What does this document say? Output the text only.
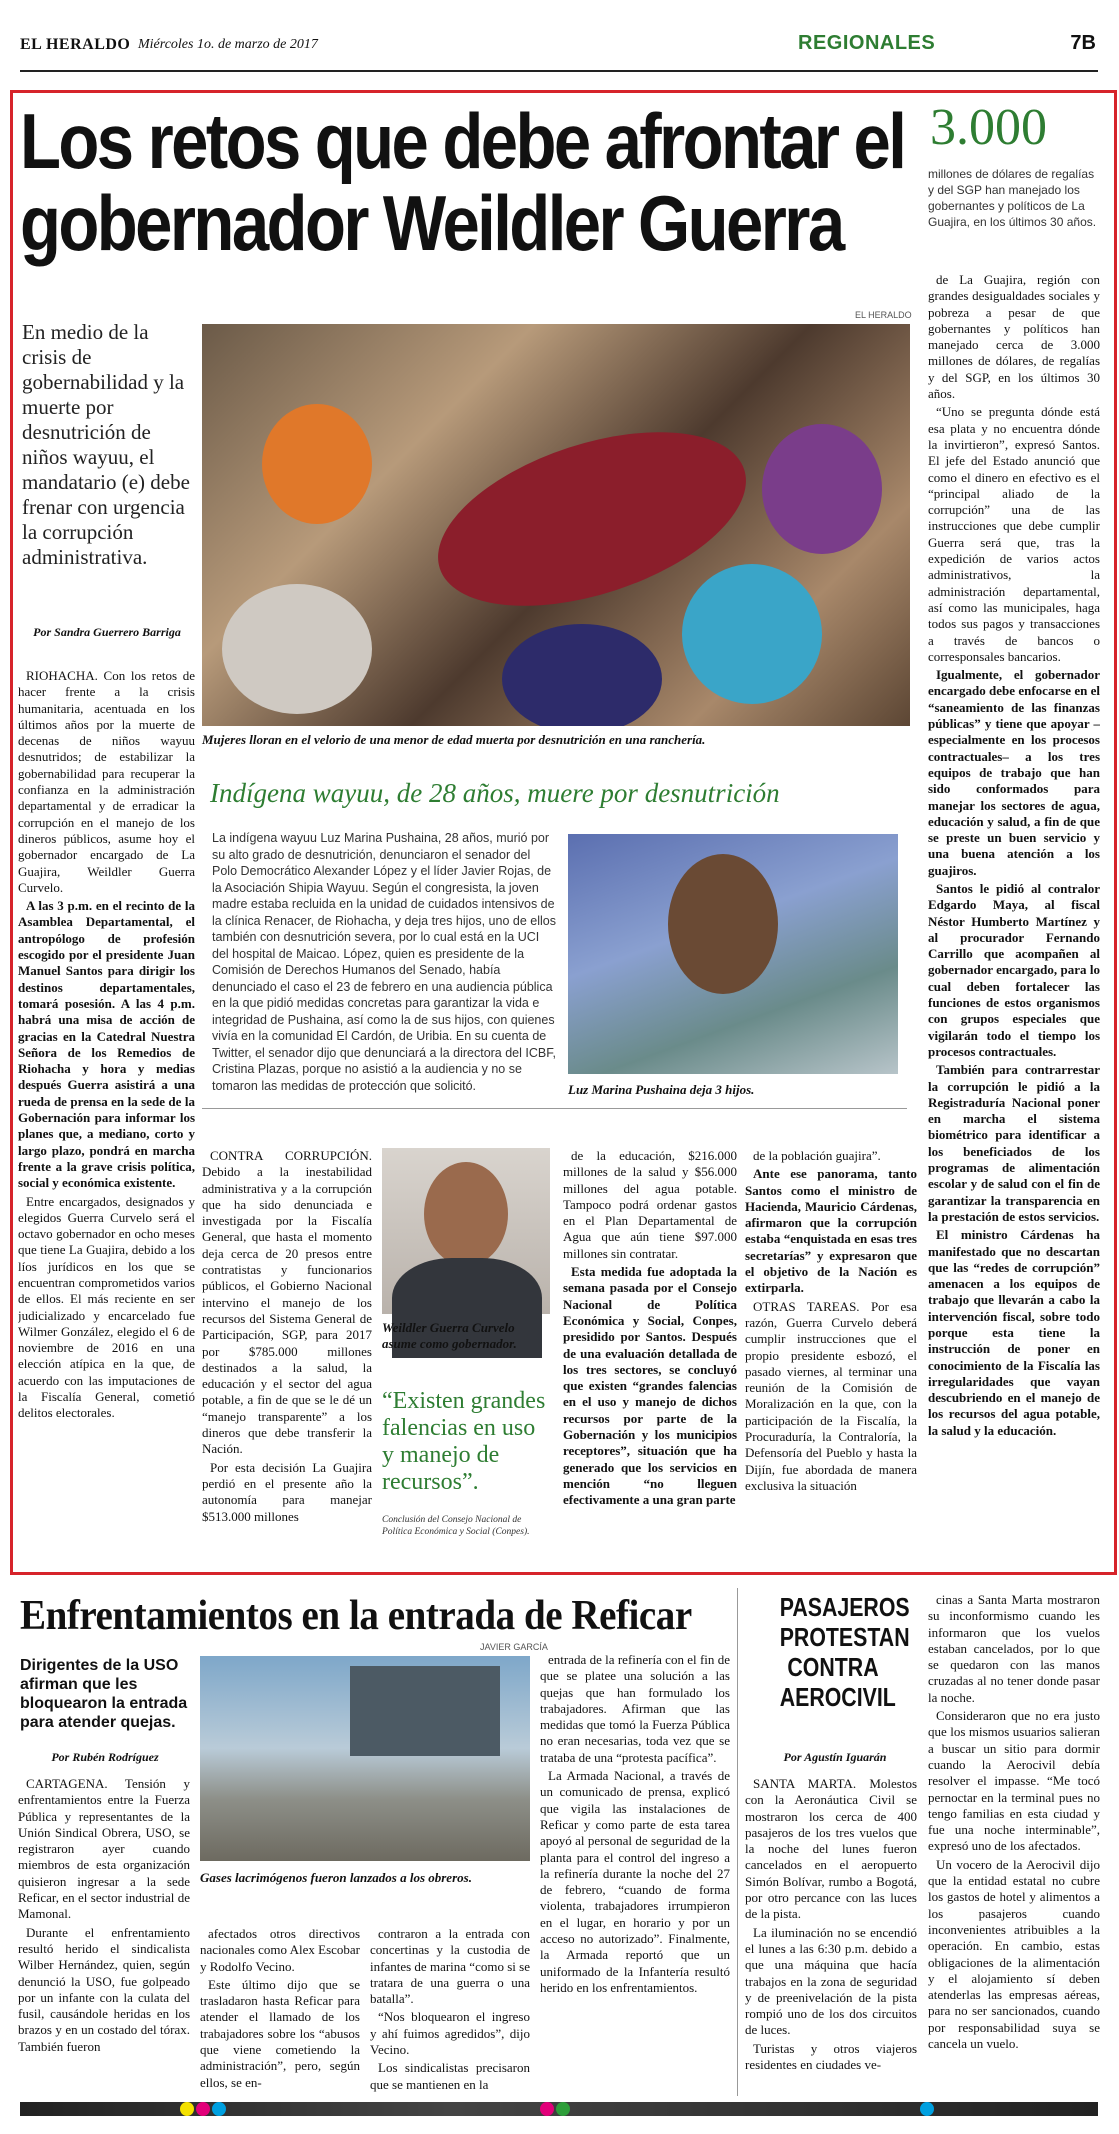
EL HERALDO Miércoles 1o. de marzo de 2017	REGIONALES	7B
Los retos que debe afrontar el gobernador Weildler Guerra
3.000
millones de dólares de regalías y del SGP han manejado los gobernantes y políticos de La Guajira, en los últimos 30 años.
En medio de la crisis de gobernabilidad y la muerte por desnutrición de niños wayuu, el mandatario (e) debe frenar con urgencia la corrupción administrativa.
Por Sandra Guerrero Barriga

RIOHACHA. Con los retos de hacer frente a la crisis humanitaria, acentuada en los últimos años por la muerte de decenas de niños wayuu desnutridos; de estabilizar la gobernabilidad para recuperar la confianza en la administración departamental y de erradicar la corrupción en el manejo de los dineros públicos, asume hoy el gobernador encargado de La Guajira, Weildler Guerra Curvelo.

A las 3 p.m. en el recinto de la Asamblea Departamental, el antropólogo de profesión escogido por el presidente Juan Manuel Santos para dirigir los destinos departamentales, tomará posesión. A las 4 p.m. habrá una misa de acción de gracias en la Catedral Nuestra Señora de los Remedios de Riohacha y hora y medias después Guerra asistirá a una rueda de prensa en la sede de la Gobernación para informar los planes que, a mediano, corto y largo plazo, pondrá en marcha frente a la grave crisis política, social y económica existente.

Entre encargados, designados y elegidos Guerra Curvelo será el octavo gobernador en ocho meses que tiene La Guajira, debido a los líos jurídicos en los que se encuentran comprometidos varios de ellos. El más reciente en ser judicializado y encarcelado fue Wilmer González, elegido el 6 de noviembre de 2016 en una elección atípica en la que, de acuerdo con las imputaciones de la Fiscalía General, cometió delitos electorales.

EL HERALDO
Mujeres lloran en el velorio de una menor de edad muerta por desnutrición en una ranchería.
Indígena wayuu, de 28 años, muere por desnutrición
La indígena wayuu Luz Marina Pushaina, 28 años, murió por su alto grado de desnutrición, denunciaron el senador del Polo Democrático Alexander López y el líder Javier Rojas, de la Asociación Shipia Wayuu. Según el congresista, la joven madre estaba recluida en la unidad de cuidados intensivos de la clínica Renacer, de Riohacha, y deja tres hijos, uno de ellos también con desnutrición severa, por lo cual está en la UCI del hospital de Maicao. López, quien es presidente de la Comisión de Derechos Humanos del Senado, había denunciado el caso el 23 de febrero en una audiencia pública en la que pidió medidas concretas para garantizar la vida e integridad de Pushaina, así como la de sus hijos, con quienes vivía en la comunidad El Cardón, de Uribia. En su cuenta de Twitter, el senador dijo que denunciará a la directora del ICBF, Cristina Plazas, porque no asistió a la audiencia y no se tomaron las medidas de protección que solicitó.	Luz Marina Pushaina deja 3 hijos.

CONTRA CORRUPCIÓN. Debido a la inestabilidad administrativa y a la corrupción que ha sido denunciada e investigada por la Fiscalía General, que hasta el momento deja cerca de 20 presos entre contratistas y funcionarios públicos, el Gobierno Nacional intervino el manejo de los recursos del Sistema General de Participación, SGP, para 2017 por $785.000 millones destinados a la salud, la educación y el sector del agua potable, a fin de que se le dé un “manejo transparente” a los dineros que debe transferir la Nación.

Por esta decisión La Guajira perdió en el presente año la autonomía para manejar $513.000 millones

Weildler Guerra Curvelo asume como gobernador.
“Existen grandes falencias en uso y manejo de recursos”.
Conclusión del Consejo Nacional de Política Económica y Social (Conpes).

de la educación, $216.000 millones de la salud y $56.000 millones del agua potable. Tampoco podrá ordenar gastos en el Plan Departamental de Agua que aún tiene $97.000 millones sin contratar.

Esta medida fue adoptada la semana pasada por el Consejo Nacional de Política Económica y Social, Conpes, presidido por Santos. Después de una evaluación detallada de los tres sectores, se concluyó que existen “grandes falencias en el uso y manejo de dichos recursos por parte de la Gobernación y los municipios receptores”, situación que ha generado que los servicios en mención “no lleguen efectivamente a una gran parte

de la población guajira”.

Ante ese panorama, tanto Santos como el ministro de Hacienda, Mauricio Cárdenas, afirmaron que la corrupción estaba “enquistada en esas tres secretarías” y expresaron que el objetivo de la Nación es extirparla.

OTRAS TAREAS. Por esa razón, Guerra Curvelo deberá cumplir instrucciones que el propio presidente esbozó, el pasado viernes, al terminar una reunión de la Comisión de Moralización en la que, con la participación de la Fiscalía, la Procuraduría, la Contraloría, la Defensoría del Pueblo y hasta la Dijín, fue abordada de manera exclusiva la situación

de La Guajira, región con grandes desigualdades sociales y pobreza a pesar de que gobernantes y políticos han manejado cerca de 3.000 millones de dólares, de regalías y del SGP, en los últimos 30 años.

“Uno se pregunta dónde está esa plata y no encuentra dónde la invirtieron”, expresó Santos. El jefe del Estado anunció que como el dinero en efectivo es el “principal aliado de la corrupción” una de las instrucciones que debe cumplir Guerra será que, tras la expedición de varios actos administrativos, la administración departamental, así como las municipales, haga todos sus pagos y transacciones a través de bancos o corresponsales bancarios.

Igualmente, el gobernador encargado debe enfocarse en el “saneamiento de las finanzas públicas” y tiene que apoyar –especialmente en los procesos contractuales– a los tres equipos de trabajo que han sido conformados para manejar los sectores de agua, educación y salud, a fin de que se preste un buen servicio y una buena atención a los guajiros.

Santos le pidió al contralor Edgardo Maya, al fiscal Néstor Humberto Martínez y al procurador Fernando Carrillo que acompañen al gobernador encargado, para lo cual deben fortalecer las funciones de estos organismos con grupos especiales que vigilarán todo el tiempo los procesos contractuales.

También para contrarrestar la corrupción le pidió a la Registraduría Nacional poner en marcha el sistema biométrico para identificar a los beneficiados de los programas de alimentación escolar y de salud con el fin de garantizar la transparencia en la prestación de estos servicios.

El ministro Cárdenas ha manifestado que no descartan que las “redes de corrupción” amenacen a los equipos de trabajo que llevarán a cabo la intervención fiscal, sobre todo porque esta tiene la instrucción de poner en conocimiento de la Fiscalía las irregularidades que vayan descubriendo en el manejo de los recursos del agua potable, la salud y la educación.

Enfrentamientos en la entrada de Reficar
Dirigentes de la USO afirman que les bloquearon la entrada para atender quejas.
Por Rubén Rodríguez

CARTAGENA. Tensión y enfrentamientos entre la Fuerza Pública y representantes de la Unión Sindical Obrera, USO, se registraron ayer cuando miembros de esta organización quisieron ingresar a la sede Reficar, en el sector industrial de Mamonal.

Durante el enfrentamiento resultó herido el sindicalista Wilber Hernández, quien, según denunció la USO, fue golpeado por un infante con la culata del fusil, causándole heridas en los brazos y en un costado del tórax. También fueron

JAVIER GARCÍA
Gases lacrimógenos fueron lanzados a los obreros.

afectados otros directivos nacionales como Alex Escobar y Rodolfo Vecino.

Este último dijo que se trasladaron hasta Reficar para atender el llamado de los trabajadores sobre los “abusos que viene cometiendo la administración”, pero, según ellos, se en-

contraron a la entrada con concertinas y la custodia de infantes de marina “como si se tratara de una guerra o una batalla”.

“Nos bloquearon el ingreso y ahí fuimos agredidos”, dijo Vecino.

Los sindicalistas precisaron que se mantienen en la

entrada de la refinería con el fin de que se platee una solución a las quejas que han formulado los trabajadores. Afirman que las medidas que tomó la Fuerza Pública no eran necesarias, toda vez que se trataba de una “protesta pacífica”.

La Armada Nacional, a través de un comunicado de prensa, explicó que vigila las instalaciones de Reficar y como parte de esta tarea apoyó al personal de seguridad de la planta para el control del ingreso a la refinería durante la noche del 27 de febrero, “cuando de forma violenta, trabajadores irrumpieron en el lugar, en horario y por un acceso no autorizado”. Finalmente, la Armada reportó que un uniformado de la Infantería resultó herido en los enfrentamientos.

PASAJEROS PROTESTAN CONTRA AEROCIVIL
Por Agustín Iguarán

SANTA MARTA. Molestos con la Aeronáutica Civil se mostraron los cerca de 400 pasajeros de los tres vuelos que la noche del lunes fueron cancelados en el aeropuerto Simón Bolívar, rumbo a Bogotá, por otro percance con las luces de la pista.

La iluminación no se encendió el lunes a las 6:30 p.m. debido a que una máquina que hacía trabajos en la zona de seguridad y de preenivelación de la pista rompió uno de los dos circuitos de luces.

Turistas y otros viajeros residentes en ciudades ve-

cinas a Santa Marta mostraron su inconformismo cuando les informaron que los vuelos estaban cancelados, por lo que se quedaron con las manos cruzadas al no tener donde pasar la noche.

Consideraron que no era justo que los mismos usuarios salieran a buscar un sitio para dormir cuando la Aerocivil debía resolver el impasse. “Me tocó pernoctar en la terminal pues no tengo familias en esta ciudad y fue una noche interminable”, expresó uno de los afectados.

Un vocero de la Aerocivil dijo que la entidad estatal no cubre los gastos de hotel y alimentos a los pasajeros cuando inconvenientes atribuibles a la operación. En cambio, estas obligaciones de la alimentación y el alojamiento sí deben atenderlas las empresas aéreas, para no ser sancionados, cuando por responsabilidad suya se cancela un vuelo.
